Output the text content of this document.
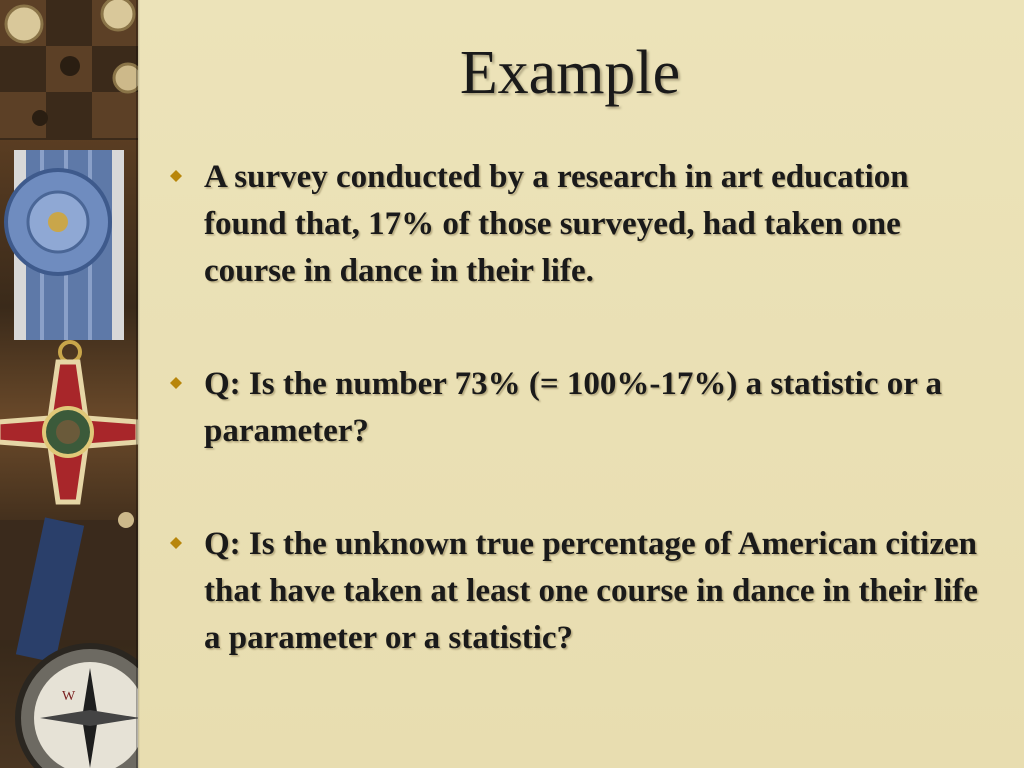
W
Example
A survey conducted by a research in art education found that, 17% of those surveyed, had taken one course in dance in their life.
Q: Is the number 73% (= 100%-17%) a statistic or a parameter?
Q: Is the unknown true percentage of American citizen that have taken at least one course in dance in their life a parameter or a statistic?
